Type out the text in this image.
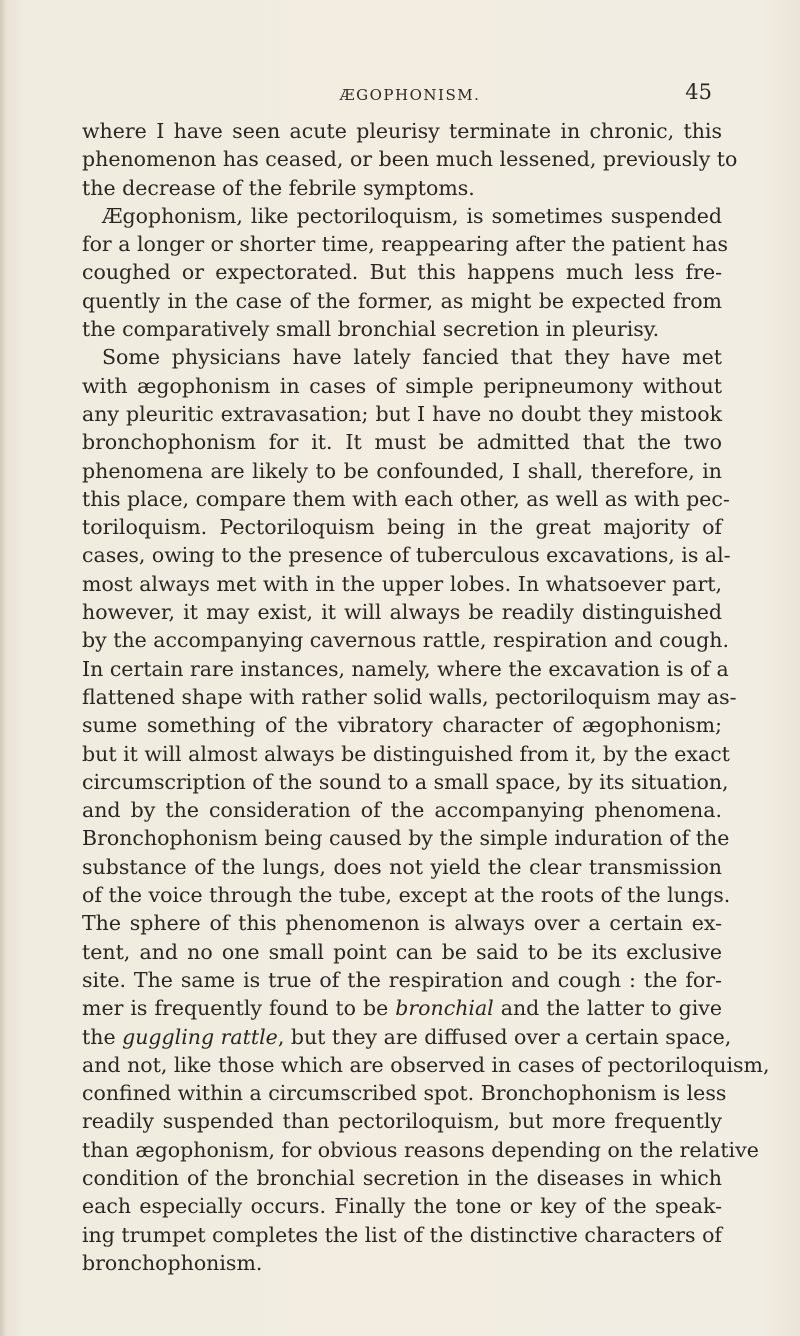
ÆGOPHONISM.	45
where I have seen acute pleurisy terminate in chronic, this
phenomenon has ceased, or been much lessened, previously to
the decrease of the febrile symptoms.
Ægophonism, like pectoriloquism, is sometimes suspended
for a longer or shorter time, reappearing after the patient has
coughed or expectorated. But this happens much less fre-
quently in the case of the former, as might be expected from
the comparatively small bronchial secretion in pleurisy.
Some physicians have lately fancied that they have met
with ægophonism in cases of simple peripneumony without
any pleuritic extravasation; but I have no doubt they mistook
bronchophonism for it. It must be admitted that the two
phenomena are likely to be confounded, I shall, therefore, in
this place, compare them with each other, as well as with pec-
toriloquism. Pectoriloquism being in the great majority of
cases, owing to the presence of tuberculous excavations, is al-
most always met with in the upper lobes. In whatsoever part,
however, it may exist, it will always be readily distinguished
by the accompanying cavernous rattle, respiration and cough.
In certain rare instances, namely, where the excavation is of a
flattened shape with rather solid walls, pectoriloquism may as-
sume something of the vibratory character of ægophonism;
but it will almost always be distinguished from it, by the exact
circumscription of the sound to a small space, by its situation,
and by the consideration of the accompanying phenomena.
Bronchophonism being caused by the simple induration of the
substance of the lungs, does not yield the clear transmission
of the voice through the tube, except at the roots of the lungs.
The sphere of this phenomenon is always over a certain ex-
tent, and no one small point can be said to be its exclusive
site. The same is true of the respiration and cough : the for-
mer is frequently found to be bronchial and the latter to give
the guggling rattle, but they are diffused over a certain space,
and not, like those which are observed in cases of pectoriloquism,
confined within a circumscribed spot. Bronchophonism is less
readily suspended than pectoriloquism, but more frequently
than ægophonism, for obvious reasons depending on the relative
condition of the bronchial secretion in the diseases in which
each especially occurs. Finally the tone or key of the speak-
ing trumpet completes the list of the distinctive characters of
bronchophonism.
